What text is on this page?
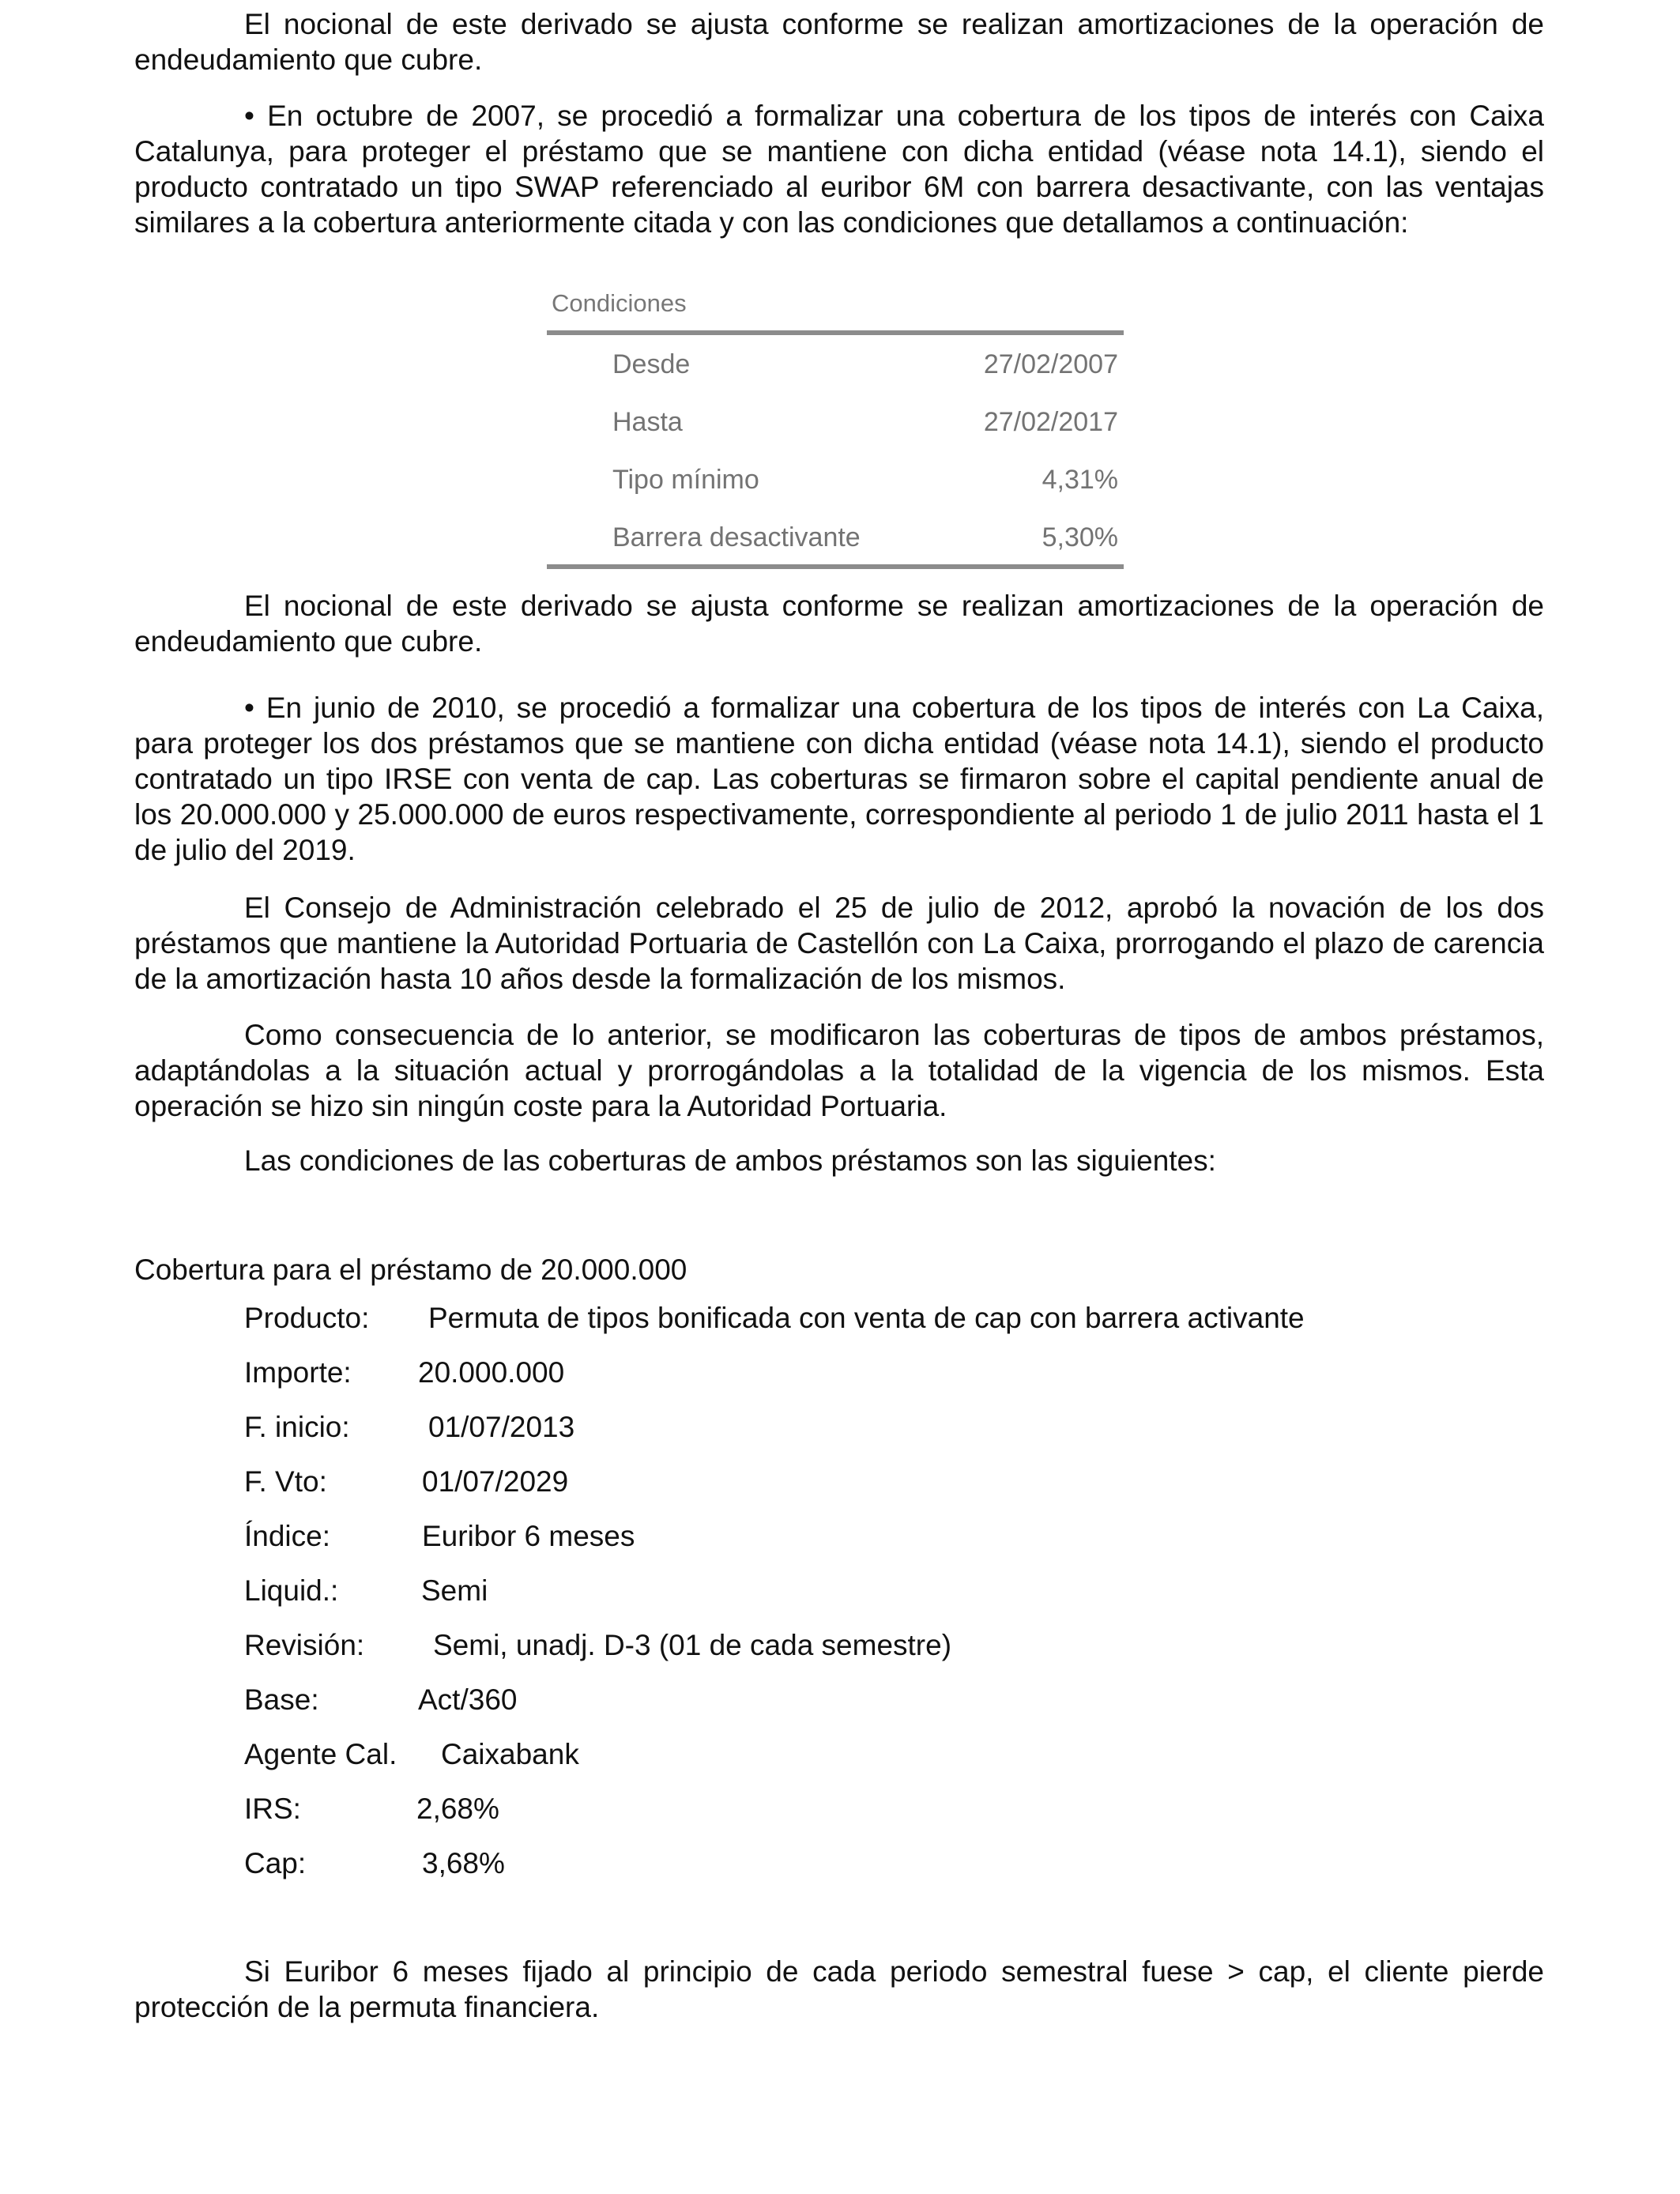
El nocional de este derivado se ajusta conforme se realizan amortizaciones de la operación de endeudamiento que cubre.

• En octubre de 2007, se procedió a formalizar una cobertura de los tipos de interés con Caixa Catalunya, para proteger el préstamo que se mantiene con dicha entidad (véase nota 14.1), siendo el producto contratado un tipo SWAP referenciado al euribor 6M con barrera desactivante, con las ventajas similares a la cobertura anteriormente citada y con las condiciones que detallamos a continuación:

El nocional de este derivado se ajusta conforme se realizan amortizaciones de la operación de endeudamiento que cubre.

• En junio de 2010, se procedió a formalizar una cobertura de los tipos de interés con La Caixa, para proteger los dos préstamos que se mantiene con dicha entidad (véase nota 14.1), siendo el producto contratado un tipo IRSE con venta de cap. Las coberturas se firmaron sobre el capital pendiente anual de los 20.000.000 y 25.000.000 de euros respectivamente, correspondiente al periodo 1 de julio 2011 hasta el 1 de julio del 2019.

El Consejo de Administración celebrado el 25 de julio de 2012, aprobó la novación de los dos préstamos que mantiene la Autoridad Portuaria de Castellón con La Caixa, prorrogando el plazo de carencia de la amortización hasta 10 años desde la formalización de los mismos.

Como consecuencia de lo anterior, se modificaron las coberturas de tipos de ambos préstamos, adaptándolas a la situación actual y prorrogándolas a la totalidad de la vigencia de los mismos. Esta operación se hizo sin ningún coste para la Autoridad Portuaria.

Las condiciones de las coberturas de ambos préstamos son las siguientes:

Cobertura para el préstamo de 20.000.000

Si Euribor 6 meses fijado al principio de cada periodo semestral fuese > cap, el cliente pierde protección de la permuta financiera.

Condiciones
Desde	27/02/2007
Hasta	27/02/2017
Tipo mínimo	4,31%
Barrera desactivante	5,30%
Producto: Permuta de tipos bonificada con venta de cap con barrera activante
Importe: 20.000.000
F. inicio:	01/07/2013
F. Vto:	01/07/2029
Índice:	Euribor 6 meses
Liquid.:	Semi
Revisión: Semi, unadj. D-3 (01 de cada semestre)
Base:	Act/360
Agente Cal. Caixabank
IRS:	2,68%
Cap:	3,68%
